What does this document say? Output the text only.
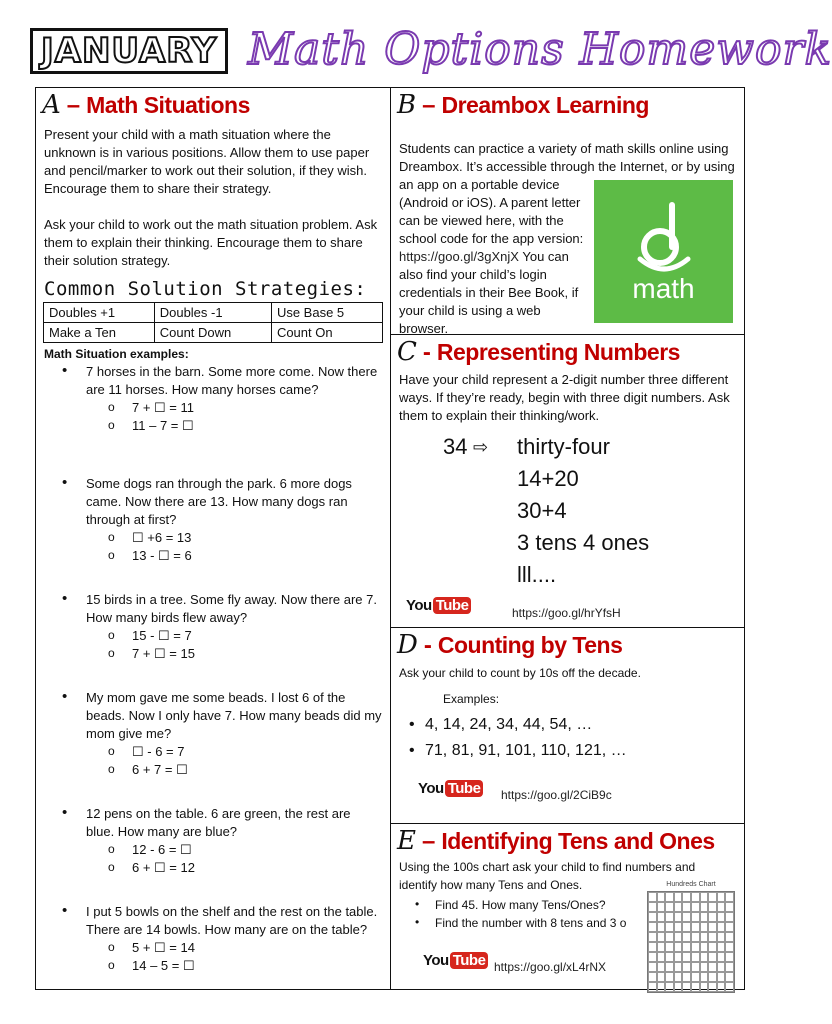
JANUARY Math Options Homework
A – Math Situations

Present your child with a math situation where the unknown is in various positions. Allow them to use paper and pencil/marker to work out their solution, if they wish. Encourage them to share their strategy.

Ask your child to work out the math situation problem. Ask them to explain their thinking. Encourage them to share their solution strategy.

Common Solution Strategies:
Doubles +1	Doubles -1	Use Base 5
Make a Ten	Count Down	Count On
Math Situation examples:
• 7 horses in the barn. Some more come. Now there are 11 horses. How many horses came?
o 7 + ☐ = 11
o 11 – 7 = ☐
• Some dogs ran through the park. 6 more dogs came. Now there are 13. How many dogs ran through at first?
o ☐ +6 = 13
o 13 - ☐ = 6
• 15 birds in a tree. Some fly away. Now there are 7. How many birds flew away?
o 15 - ☐ = 7
o 7 + ☐ = 15
• My mom gave me some beads. I lost 6 of the beads. Now I only have 7. How many beads did my mom give me?
o ☐ - 6 = 7
o 6 + 7 = ☐
• 12 pens on the table. 6 are green, the rest are blue. How many are blue?
o 12 - 6 = ☐
o 6 + ☐ = 12
• I put 5 bowls on the shelf and the rest on the table. There are 14 bowls. How many are on the table?
o 5 + ☐ = 14
o 14 – 5 = ☐
B – Dreambox Learning

Students can practice a variety of math skills online using Dreambox. It’s accessible through the Internet, or by using

an app on a portable device (Android or iOS). A parent letter can be viewed here, with the school code for the app version: https://goo.gl/3gXnjX You can also find your child’s login credentials in their Bee Book, if your child is using a web browser.

math
C - Representing Numbers

Have your child represent a 2-digit number three different ways. If they’re ready, begin with three digit numbers. Ask them to explain their thinking/work.

34 ⇨ thirty-four
14+20
30+4
3 tens 4 ones
lll....
You Tube	https://goo.gl/hrYfsH
D - Counting by Tens

Ask your child to count by 10s off the decade.

Examples:
• 4, 14, 24, 34, 44, 54, …
• 71, 81, 91, 101, 110, 121, …
You Tube https://goo.gl/2CiB9c
E – Identifying Tens and Ones

Using the 100s chart ask your child to find numbers and identify how many Tens and Ones.

• Find 45. How many Tens/Ones?
• Find the number with 8 tens and 3 o
Hundreds Chart
You Tube https://goo.gl/xL4rNX
